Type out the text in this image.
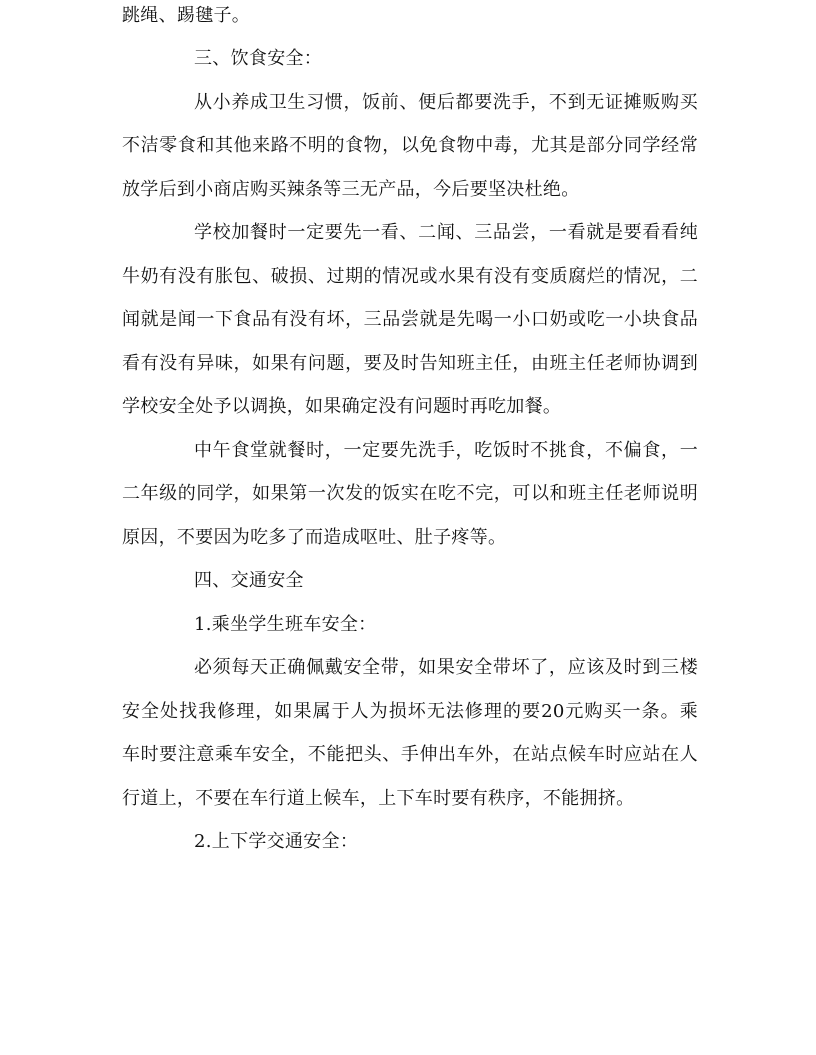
跳绳、踢毽子。
三、饮食安全：
从小养成卫生习惯，饭前、便后都要洗手，不到无证摊贩购买
不洁零食和其他来路不明的食物，以免食物中毒，尤其是部分同学经常
放学后到小商店购买辣条等三无产品，今后要坚决杜绝。
学校加餐时一定要先一看、二闻、三品尝，一看就是要看看纯
牛奶有没有胀包、破损、过期的情况或水果有没有变质腐烂的情况，二
闻就是闻一下食品有没有坏，三品尝就是先喝一小口奶或吃一小块食品
看有没有异味，如果有问题，要及时告知班主任，由班主任老师协调到
学校安全处予以调换，如果确定没有问题时再吃加餐。
中午食堂就餐时，一定要先洗手，吃饭时不挑食，不偏食，一
二年级的同学，如果第一次发的饭实在吃不完，可以和班主任老师说明
原因，不要因为吃多了而造成呕吐、肚子疼等。
四、交通安全
1.乘坐学生班车安全：
必须每天正确佩戴安全带，如果安全带坏了，应该及时到三楼
安全处找我修理，如果属于人为损坏无法修理的要20元购买一条。乘
车时要注意乘车安全，不能把头、手伸出车外，在站点候车时应站在人
行道上，不要在车行道上候车，上下车时要有秩序，不能拥挤。
2.上下学交通安全：
